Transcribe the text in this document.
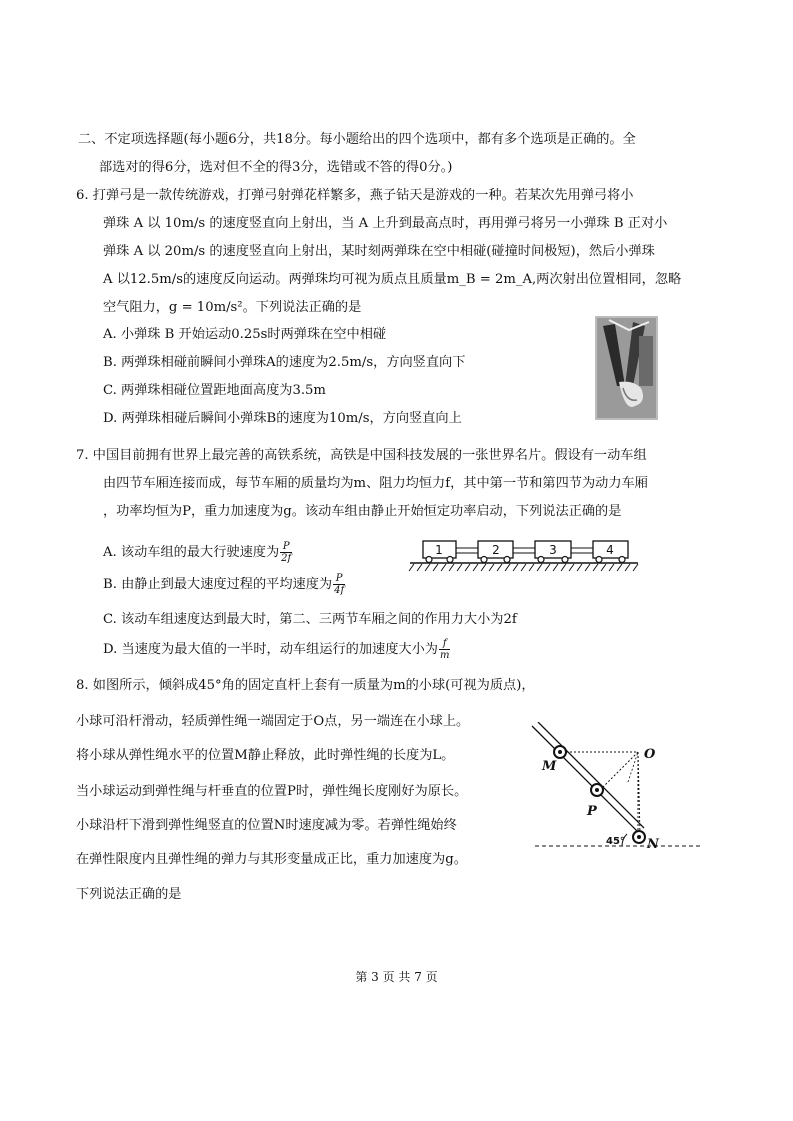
二、不定项选择题(每小题6分，共18分。每小题给出的四个选项中，都有多个选项是正确的。全
部选对的得6分，选对但不全的得3分，选错或不答的得0分。)
6. 打弹弓是一款传统游戏，打弹弓射弹花样繁多，燕子钻天是游戏的一种。若某次先用弹弓将小
弹珠 A 以 10m/s 的速度竖直向上射出，当 A 上升到最高点时，再用弹弓将另一小弹珠 B 正对小
弹珠 A 以 20m/s 的速度竖直向上射出，某时刻两弹珠在空中相碰(碰撞时间极短)，然后小弹珠
A 以12.5m/s的速度反向运动。两弹珠均可视为质点且质量m_B = 2m_A,两次射出位置相同，忽略
空气阻力，g = 10m/s²。下列说法正确的是
A. 小弹珠 B 开始运动0.25s时两弹珠在空中相碰
B. 两弹珠相碰前瞬间小弹珠A的速度为2.5m/s，方向竖直向下
C. 两弹珠相碰位置距地面高度为3.5m
D. 两弹珠相碰后瞬间小弹珠B的速度为10m/s，方向竖直向上
7. 中国目前拥有世界上最完善的高铁系统，高铁是中国科技发展的一张世界名片。假设有一动车组
由四节车厢连接而成，每节车厢的质量均为m、阻力均恒力f，其中第一节和第四节为动力车厢
，功率均恒为P，重力加速度为g。该动车组由静止开始恒定功率启动，下列说法正确的是
A. 该动车组的最大行驶速度为 $\frac{P}{2f}$
B. 由静止到最大速度过程的平均速度为 $\frac{P}{4f}$
C. 该动车组速度达到最大时，第二、三两节车厢之间的作用力大小为2f
D. 当速度为最大值的一半时，动车组运行的加速度大小为 $\frac{f}{m}$
1	2	3	4
8. 如图所示，倾斜成45°角的固定直杆上套有一质量为m的小球(可视为质点)，
小球可沿杆滑动，轻质弹性绳一端固定于O点，另一端连在小球上。
将小球从弹性绳水平的位置M静止释放，此时弹性绳的长度为L。
当小球运动到弹性绳与杆垂直的位置P时，弹性绳长度刚好为原长。
小球沿杆下滑到弹性绳竖直的位置N时速度减为零。若弹性绳始终
在弹性限度内且弹性绳的弹力与其形变量成正比，重力加速度为g。
下列说法正确的是
M
O
P
N
45°
第 3 页 共 7 页
